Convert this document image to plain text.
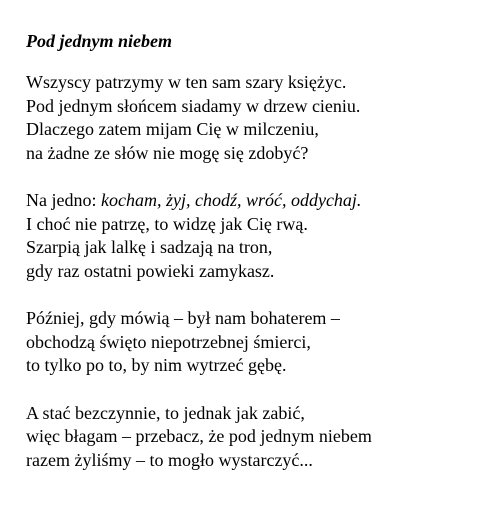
Pod jednym niebem
Wszyscy patrzymy w ten sam szary księżyc.
Pod jednym słońcem siadamy w drzew cieniu.
Dlaczego zatem mijam Cię w milczeniu,
na żadne ze słów nie mogę się zdobyć?
Na jedno: kocham, żyj, chodź, wróć, oddychaj.
I choć nie patrzę, to widzę jak Cię rwą.
Szarpią jak lalkę i sadzają na tron,
gdy raz ostatni powieki zamykasz.
Później, gdy mówią – był nam bohaterem –
obchodzą święto niepotrzebnej śmierci,
to tylko po to, by nim wytrzeć gębę.
A stać bezczynnie, to jednak jak zabić,
więc błagam – przebacz, że pod jednym niebem
razem żyliśmy – to mogło wystarczyć...
